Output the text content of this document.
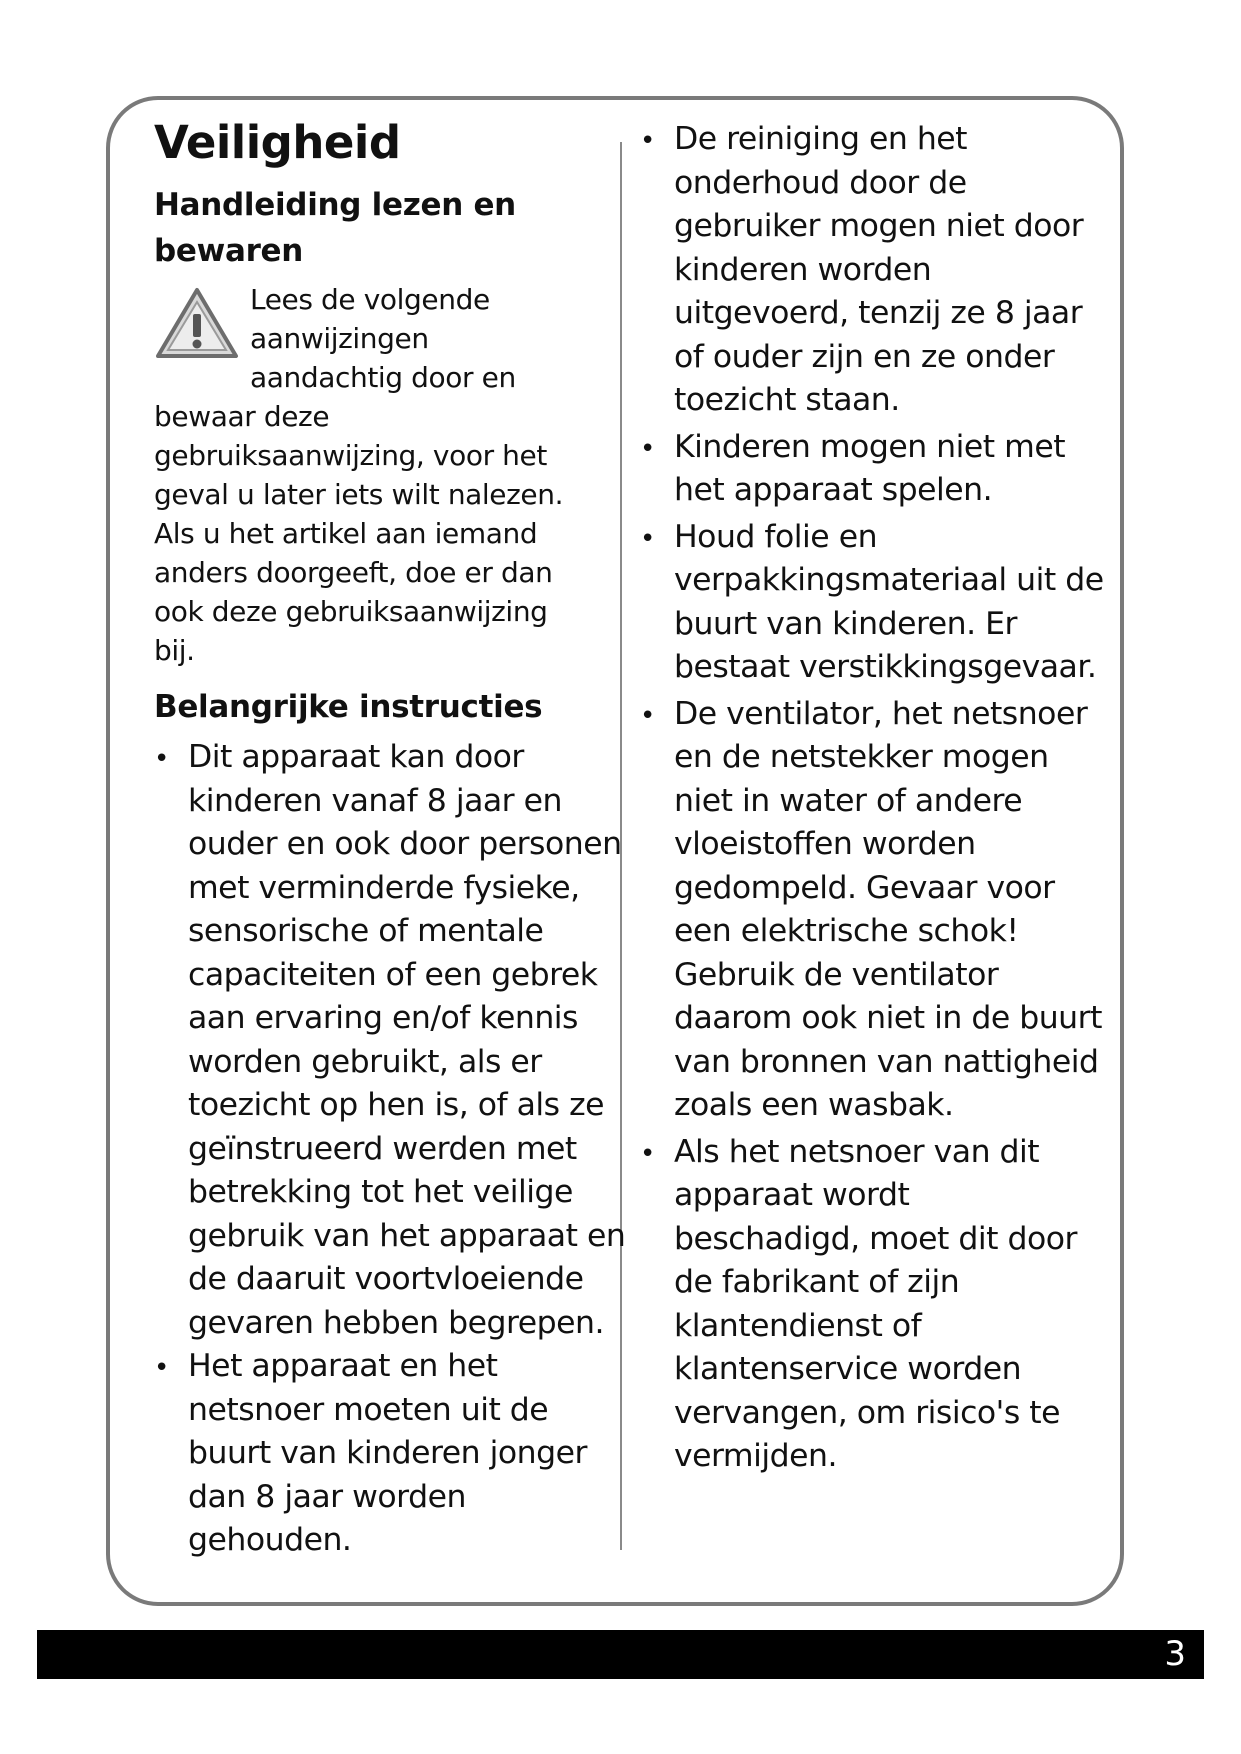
Veiligheid
Handleiding lezen en bewaren
Lees de volgende aanwijzingen aandachtig door en bewaar deze gebruiksaanwijzing, voor het geval u later iets wilt nalezen. Als u het artikel aan iemand anders doorgeeft, doe er dan ook deze gebruiksaanwijzing bij.
Belangrijke instructies
• Dit apparaat kan door kinderen vanaf 8 jaar en ouder en ook door personen met verminderde fysieke, sensorische of mentale capaciteiten of een gebrek aan ervaring en/of kennis worden gebruikt, als er toezicht op hen is, of als ze geïnstrueerd werden met betrekking tot het veilige gebruik van het apparaat en de daaruit voortvloeiende gevaren hebben begrepen.
• Het apparaat en het netsnoer moeten uit de buurt van kinderen jonger dan 8 jaar worden gehouden.
• De reiniging en het onderhoud door de gebruiker mogen niet door kinderen worden uitgevoerd, tenzij ze 8 jaar of ouder zijn en ze onder toezicht staan.
• Kinderen mogen niet met het apparaat spelen.
• Houd folie en verpakkingsmateriaal uit de buurt van kinderen. Er bestaat verstikkingsgevaar.
• De ventilator, het netsnoer en de netstekker mogen niet in water of andere vloeistoffen worden gedompeld. Gevaar voor een elektrische schok! Gebruik de ventilator daarom ook niet in de buurt van bronnen van nattigheid zoals een wasbak.
• Als het netsnoer van dit apparaat wordt beschadigd, moet dit door de fabrikant of zijn klantendienst of klantenservice worden vervangen, om risico's te vermijden.
3
